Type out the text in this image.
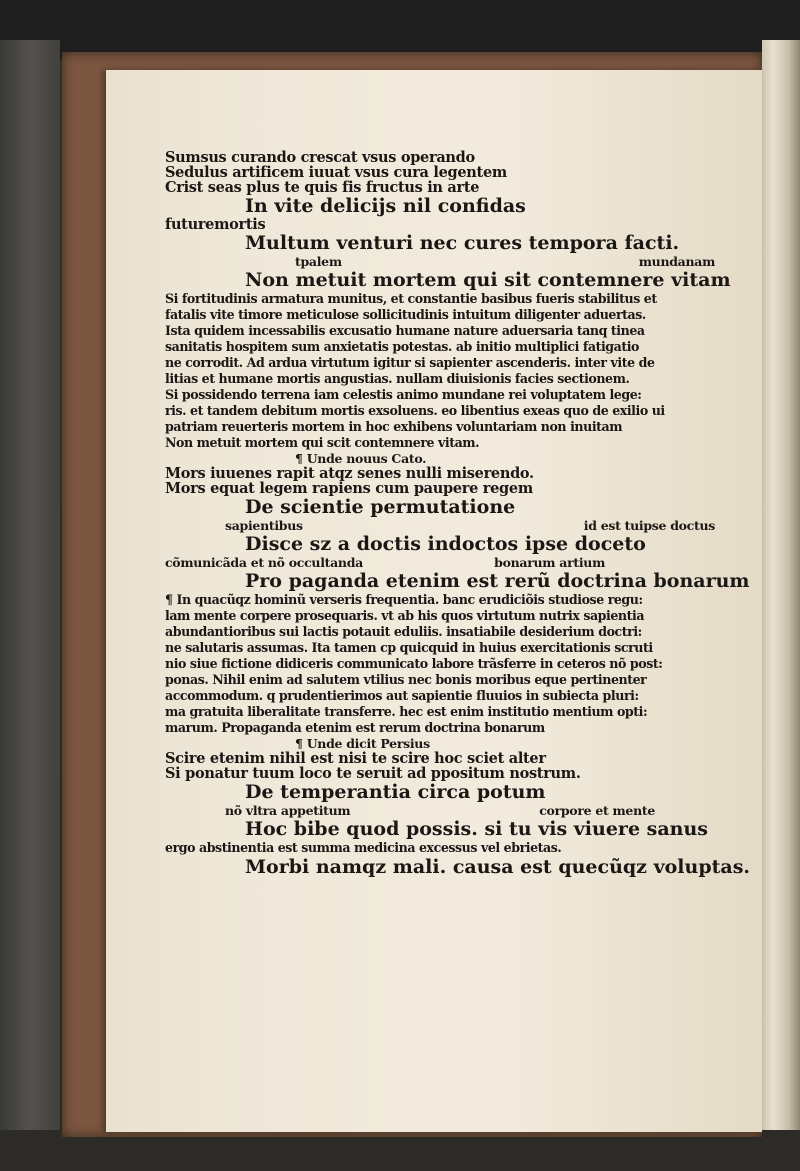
Sumsus curando crescat vsus operando
Sedulus artificem iuuat vsus cura legentem
Crist seas plus te quis fis fructus in arte
In vite delicijs nil confidas
futuremortis
Multum venturi nec cures tempora facti.
tpalem	mundanam
Non metuit mortem qui sit contemnere vitam
Si fortitudinis armatura munitus, et constantie basibus fueris stabilitus et
fatalis vite timore meticulose sollicitudinis intuitum diligenter aduertas.
Ista quidem incessabilis excusatio humane nature aduersaria tanq tinea
sanitatis hospitem sum anxietatis potestas. ab initio multiplici fatigatio
ne corrodit. Ad ardua virtutum igitur si sapienter ascenderis. inter vite de
litias et humane mortis angustias. nullam diuisionis facies sectionem.
Si possidendo terrena iam celestis animo mundane rei voluptatem lege:
ris. et tandem debitum mortis exsoluens. eo libentius exeas quo de exilio ui
patriam reuerteris mortem in hoc exhibens voluntariam non inuitam
Non metuit mortem qui scit contemnere vitam.
¶ Unde nouus Cato.
Mors iuuenes rapit atqz senes nulli miserendo.
Mors equat legem rapiens cum paupere regem
De scientie permutatione
sapientibus	id est tuipse doctus
Disce sz a doctis indoctos ipse doceto
cõmunicãda et nõ occultanda	bonarum artium
Pro paganda etenim est rerũ doctrina bonarum
¶ In quacũqz hominũ verseris frequentia. banc erudiciõis studiose regu:
lam mente corpere prosequaris. vt ab his quos virtutum nutrix sapientia
abundantioribus sui lactis potauit eduliis. insatiabile desiderium doctri:
ne salutaris assumas. Ita tamen cp quicquid in huius exercitationis scruti
nio siue fictione didiceris communicato labore trãsferre in ceteros nõ post:
ponas. Nihil enim ad salutem vtilius nec bonis moribus eque pertinenter
accommodum. q prudentierimos aut sapientie fluuios in subiecta pluri:
ma gratuita liberalitate transferre. hec est enim institutio mentium opti:
marum. Propaganda etenim est rerum doctrina bonarum
¶ Unde dicit Persius
Scire etenim nihil est nisi te scire hoc sciet alter
Si ponatur tuum loco te seruit ad ppositum nostrum.
De temperantia circa potum
nõ vltra appetitum	corpore et mente
Hoc bibe quod possis. si tu vis viuere sanus
ergo abstinentia est summa medicina excessus vel ebrietas.
Morbi namqz mali. causa est quecũqz voluptas.
